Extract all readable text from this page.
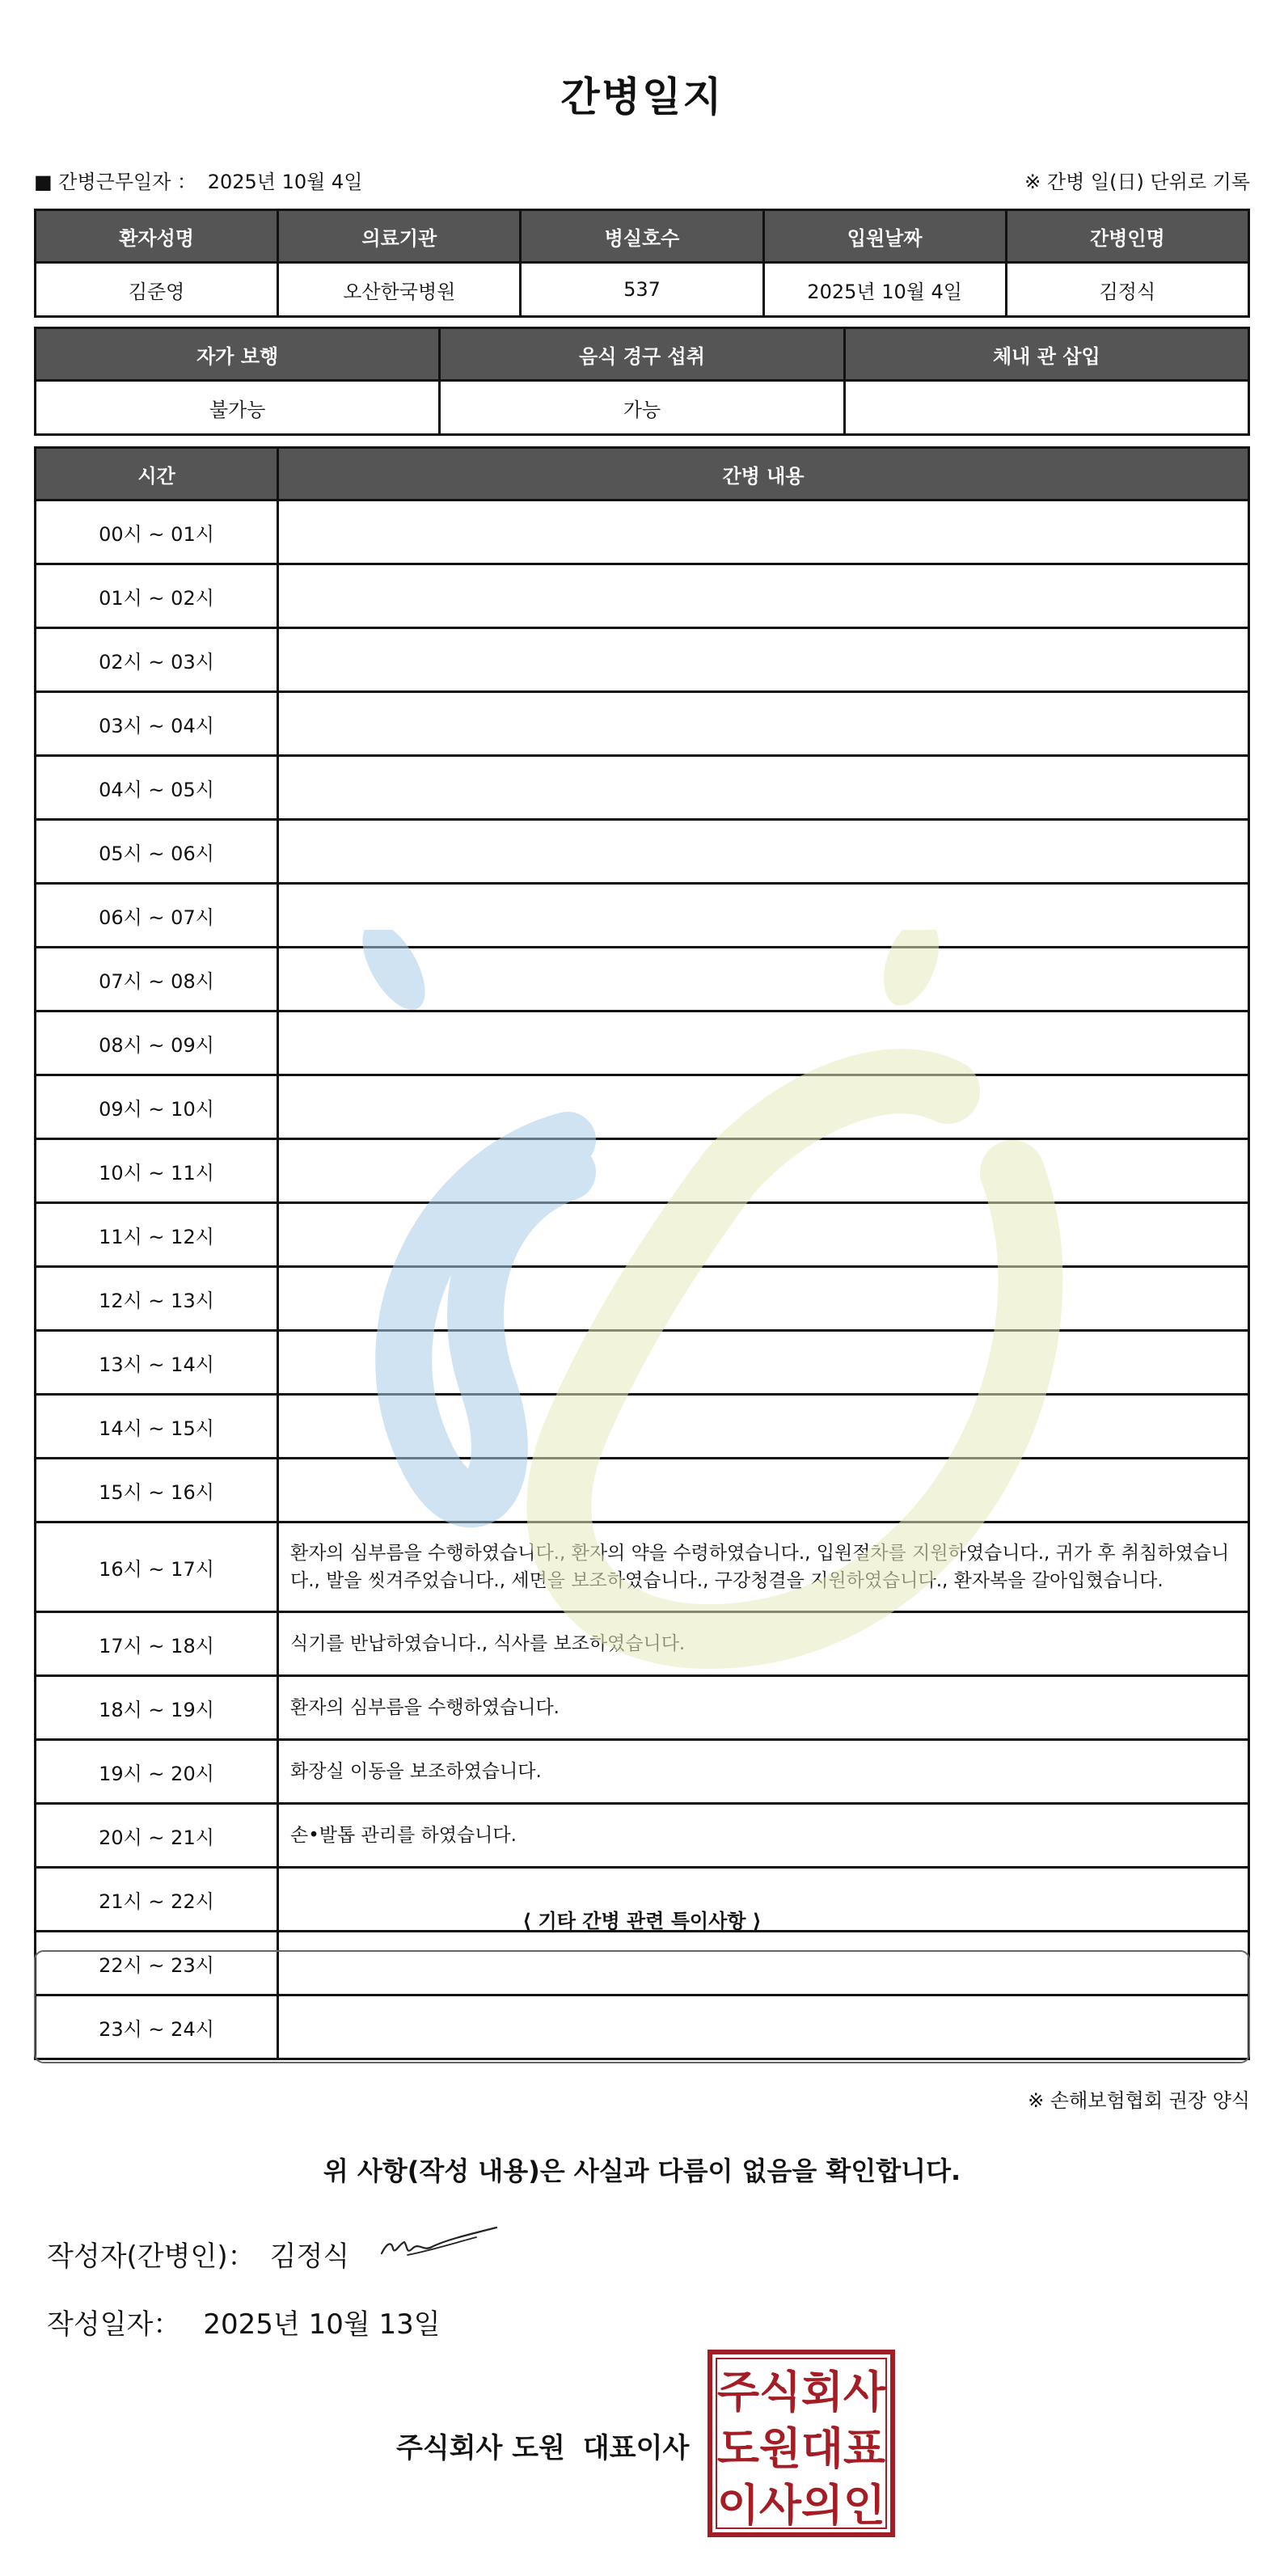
간병일지
■ 간병근무일자 ： 2025년 10월 4일	※ 간병 일(日) 단위로 기록
환자성명	의료기관	병실호수	입원날짜	간병인명
김준영	오산한국병원	537	2025년 10월 4일	김정식
자가 보행	음식 경구 섭취	체내 관 삽입
불가능	가능	
시간	간병 내용
00시 ~ 01시	
01시 ~ 02시	
02시 ~ 03시	
03시 ~ 04시	
04시 ~ 05시	
05시 ~ 06시	
06시 ~ 07시	
07시 ~ 08시	
08시 ~ 09시	
09시 ~ 10시	
10시 ~ 11시	
11시 ~ 12시	
12시 ~ 13시	
13시 ~ 14시	
14시 ~ 15시	
15시 ~ 16시	
16시 ~ 17시	환자의 심부름을 수행하였습니다., 환자의 약을 수령하였습니다., 입원절차를 지원하였습니다., 귀가 후 취침하였습니다., 발을 씻겨주었습니다., 세면을 보조하였습니다., 구강청결을 지원하였습니다., 환자복을 갈아입혔습니다.
17시 ~ 18시	식기를 반납하였습니다., 식사를 보조하였습니다.
18시 ~ 19시	환자의 심부름을 수행하였습니다.
19시 ~ 20시	화장실 이동을 보조하였습니다.
20시 ~ 21시	손•발톱 관리를 하였습니다.
21시 ~ 22시	
22시 ~ 23시	
23시 ~ 24시	
⟨ 기타 간병 관련 특이사항 ⟩
※ 손해보험협회 권장 양식
위 사항(작성 내용)은 사실과 다름이 없음을 확인합니다.
작성자(간병인)： 김정식
작성일자： 2025년 10월 13일
주식회사 도원 대표이사
주 식 회 사
도 원 대 표
이 사 의 인
